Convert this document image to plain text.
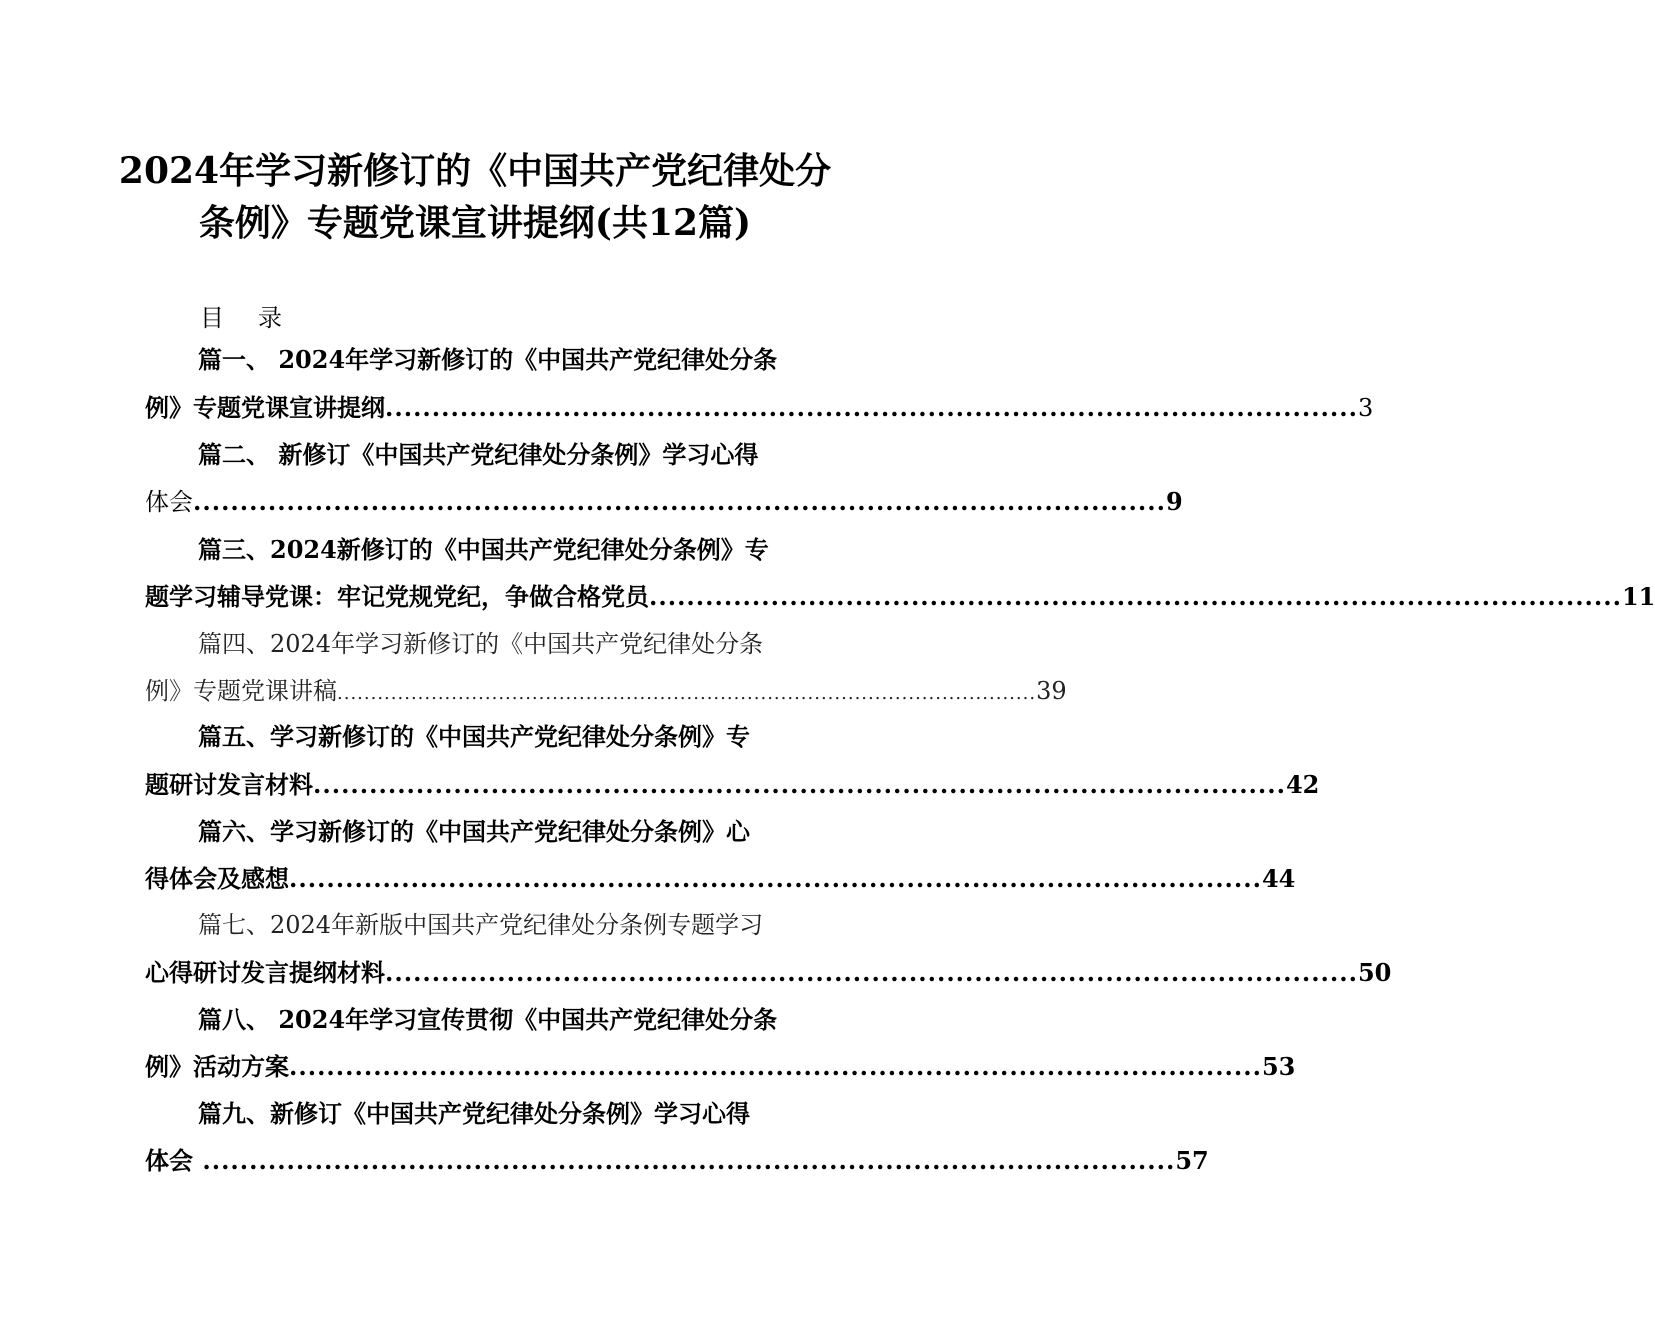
2024年学习新修订的《中国共产党纪律处分
条例》专题党课宣讲提纲(共12篇)
目 录
篇一、 2024年学习新修订的《中国共产党纪律处分条
例》专题党课宣讲提纲 ........................................................................................................ 3
篇二、 新修订《中国共产党纪律处分条例》学习心得
体会 ........................................................................................................ 9
篇三、2024新修订的《中国共产党纪律处分条例》专
题学习辅导党课：牢记党规党纪，争做合格党员 ........................................................................................................ 11
篇四、2024年学习新修订的《中国共产党纪律处分条
例》专题党课讲稿 ........................................................................................................ 39
篇五、学习新修订的《中国共产党纪律处分条例》专
题研讨发言材料 ........................................................................................................ 42
篇六、学习新修订的《中国共产党纪律处分条例》心
得体会及感想 ........................................................................................................ 44
篇七、2024年新版中国共产党纪律处分条例专题学习
心得研讨发言提纲材料 ........................................................................................................ 50
篇八、 2024年学习宣传贯彻《中国共产党纪律处分条
例》活动方案 ........................................................................................................ 53
篇九、新修订《中国共产党纪律处分条例》学习心得
体会 ........................................................................................................ 57
